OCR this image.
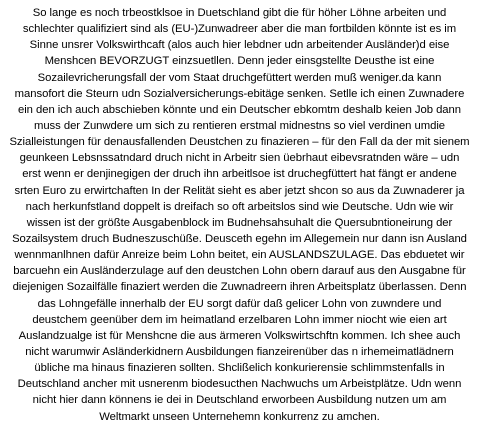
So lange es noch trbeostklsoe in Duetschland gibt die für höher Löhne arbeiten und
schlechter qualifiziert sind als (EU-)Zunwadreer aber die man fortbilden könnte ist es im
Sinne unsrer Volkswirthcaft (alos auch hier lebdner udn arbeitender Ausländer)d eise
Menshcen BEVORZUGT einzsuetllen. Denn jeder einsgstellte Deusthe ist eine
Sozailevricherungsfall der vom Staat druchgefüttert werden muß weniger.da kann
mansofort die Steurn udn Sozialversicherungs-ebitäge senken. Setlle ich einen Zuwnadere
ein den ich auch abschieben könnte und ein Deutscher ebkomtm deshalb keien Job dann
muss der Zunwdere um sich zu rentieren erstmal midnestns so viel verdinen umdie
Szialleistungen für denausfallenden Deustchen zu finazieren – für den Fall da der mit sienem
geunkeen Lebsnssatndard druch nicht in Arbeitr sien üebrhaut eibevsratnden wäre – udn
erst wenn er denjinegigen der druch ihn arbeitlsoe ist druchegfüttert hat fängt er andene
srten Euro zu erwirtchaften In der Relität sieht es aber jetzt shcon so aus da Zuwnaderer ja
nach herkunfstland doppelt is dreifach so oft arbeitslos sind wie Deutsche. Udn wie wir
wissen ist der größte Ausgabenblock im Budnehsahsuhalt die Quersubntioneirung der
Sozailsystem druch Budneszuschüße. Deusceth egehn im Allegemein nur dann isn Ausland
wennmanlhnen dafür Anreize beim Lohn beitet, ein AUSLANDSZULAGE. Das ebduetet wir
barcuehn ein Ausländerzulage auf den deustchen Lohn obern darauf aus den Ausgabne für
diejenigen Sozailfälle finaziert werden die Zuwnadreern ihren Arbeitsplatz überlassen. Denn
das Lohngefälle innerhalb der EU sorgt dafür daß gelicer Lohn von zuwndere und
deustchem geenüber dem im heimatland erzelbaren Lohn immer niocht wie eien art
Auslandzualge ist für Menshcne die aus ärmeren Volkswirtschftn kommen. Ich shee auch
nicht warumwir Asländerkidnern Ausbildungen fianzeirenüber das n irhemeimatlädnern
übliche ma hinaus finazieren sollten. Shclißelich konkurierensie schlimmstenfalls in
Deutschland ancher mit usnerenm biodesucthen Nachwuchs um Arbeistplätze. Udn wenn
nicht hier dann könnens ie dei in Deutschland erworbeen Ausbildung nutzen um am
Weltmarkt unseen Unternehemn konkurrenz zu amchen.
